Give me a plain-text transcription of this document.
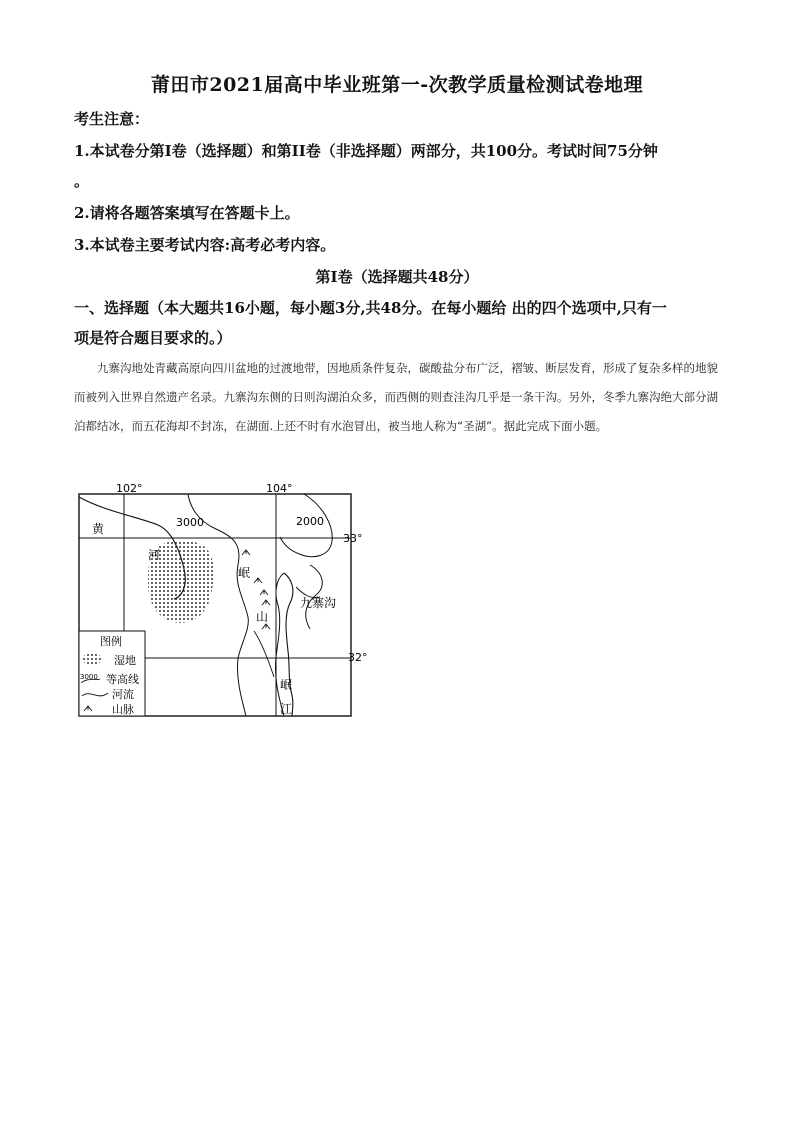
莆田市2021届高中毕业班第一-次教学质量检测试卷地理
考生注意：
1.本试卷分第Ⅰ卷（选择题）和第II卷（非选择题）两部分，共100分。考试时间75分钟
。
2.请将各题答案填写在答题卡上。
3.本试卷主要考试内容:高考必考内容。
第Ⅰ卷（选择题共48分）
一、选择题（本大题共16小题，每小题3分,共48分。在每小题给 出的四个选项中,只有一
项是符合题目要求的。）
九寨沟地处青藏高原向四川盆地的过渡地带，因地质条件复杂，碳酸盐分布广泛，褶皱、断层发育，形成了复杂多样的地貌而被列入世界自然遗产名录。九寨沟东侧的日则沟湖泊众多，而西侧的则查洼沟几乎是一条干沟。另外，冬季九寨沟绝大部分湖泊都结冰，而五花海却不封冻，在湖面.上还不时有水泡冒出，被当地人称为“圣湖”。据此完成下面小题。
102°	104°
33°
32°
黄
河
3000	2000
岷
山
九寨沟
岷
江
图例
湿地
3000 等高线
河流
山脉
